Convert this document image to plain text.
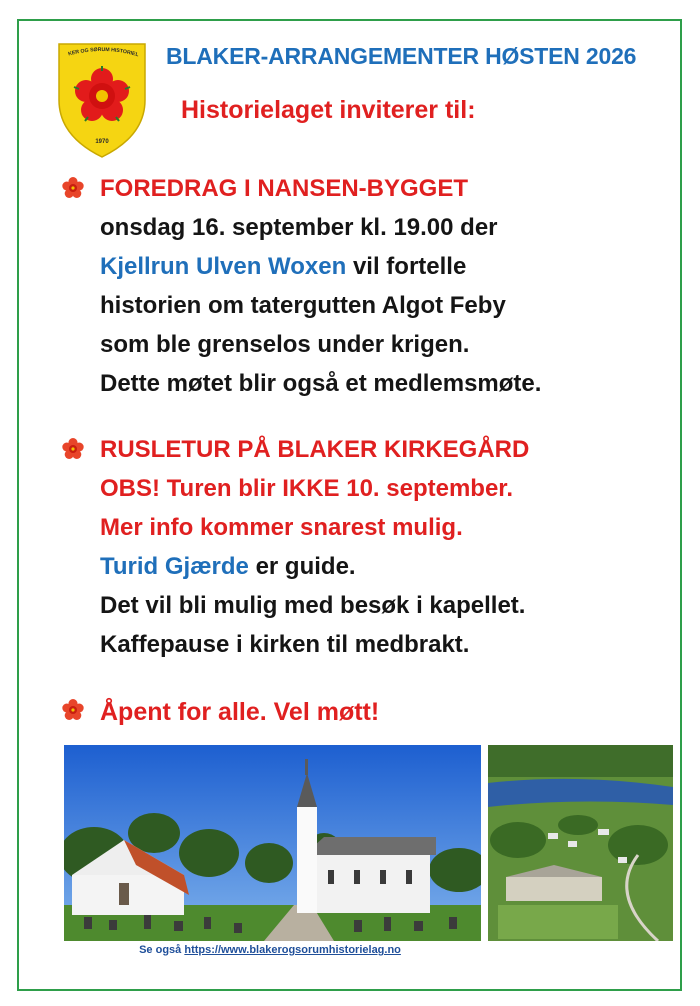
KER OG SØRUM HISTORIEL
1970
BLAKER-ARRANGEMENTER HØSTEN 2026
Historielaget inviterer til:
FOREDRAG I NANSEN-BYGGET
onsdag 16. september kl. 19.00 der
Kjellrun Ulven Woxen vil fortelle
historien om tatergutten Algot Feby
som ble grenselos under krigen.
Dette møtet blir også et medlemsmøte.
RUSLETUR PÅ BLAKER KIRKEGÅRD
OBS! Turen blir IKKE 10. september.
Mer info kommer snarest mulig.
Turid Gjærde er guide.
Det vil bli mulig med besøk i kapellet.
Kaffepause i kirken til medbrakt.
Åpent for alle. Vel møtt!
Se også https://www.blakerogsorumhistorielag.no
